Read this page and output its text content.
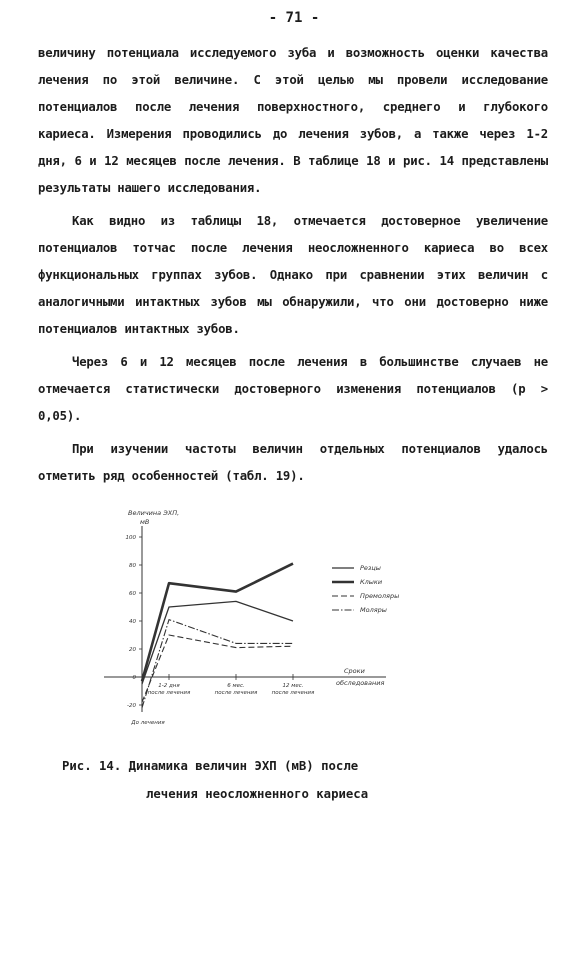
- 71 -

величину потенциала исследуемого зуба и возможность оценки качества лечения по этой величине. С этой целью мы провели исследование потенциалов после лечения поверхностного, среднего и глубокого кариеса. Измерения проводились до лечения зубов, а также через 1-2 дня, 6 и 12 месяцев после лечения. В таблице 18 и рис. 14 представлены результаты нашего исследования.

Как видно из таблицы 18, отмечается достоверное увеличение потенциалов тотчас после лечения неосложненного кариеса во всех функциональных группах зубов. Однако при сравнении этих величин с аналогичными интактных зубов мы обнаружили, что они достоверно ниже потенциалов интактных зубов.

Через 6 и 12 месяцев после лечения в большинстве случаев не отмечается статистически достоверного изменения потенциалов (p > 0,05).

При изучении частоты величин отдельных потенциалов удалось отметить ряд особенностей (табл. 19).

-20
0
20
40
60
80
100
Величина ЭХП,
мВ
До лечения
1-2 дня
после лечения
6 мес.
после лечения
12 мес.
после лечения
Сроки
обследования
Резцы
Клыки
Премоляры
Моляры
Рис. 14. Динамика величин ЭХП (мВ) после
лечения неосложненного кариеса
